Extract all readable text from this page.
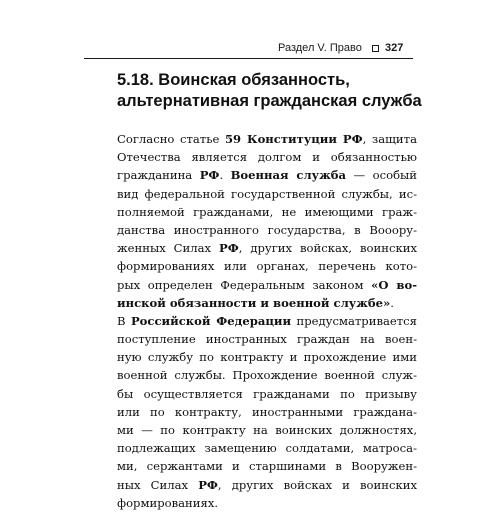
Раздел V. Право 327
5.18. Воинская обязанность,
альтернативная гражданская служба
Согласно статье 59 Конституции РФ, защита
Отечества является долгом и обязанностью
гражданина РФ. Военная служба — особый
вид федеральной государственной службы, ис-
полняемой гражданами, не имеющими граж-
данства иностранного государства, в Вооору-
женных Силах РФ, других войсках, воинских
формированиях или органах, перечень кото-
рых определен Федеральным законом «О во-
инской обязанности и военной службе».
В Российской Федерации предусматривается
поступление иностранных граждан на воен-
ную службу по контракту и прохождение ими
военной службы. Прохождение военной служ-
бы осуществляется гражданами по призыву
или по контракту, иностранными граждана-
ми — по контракту на воинских должностях,
подлежащих замещению солдатами, матросa-
ми, сержантами и старшинами в Вооружен-
ных Силах РФ, других войсках и воинских
формированиях.
